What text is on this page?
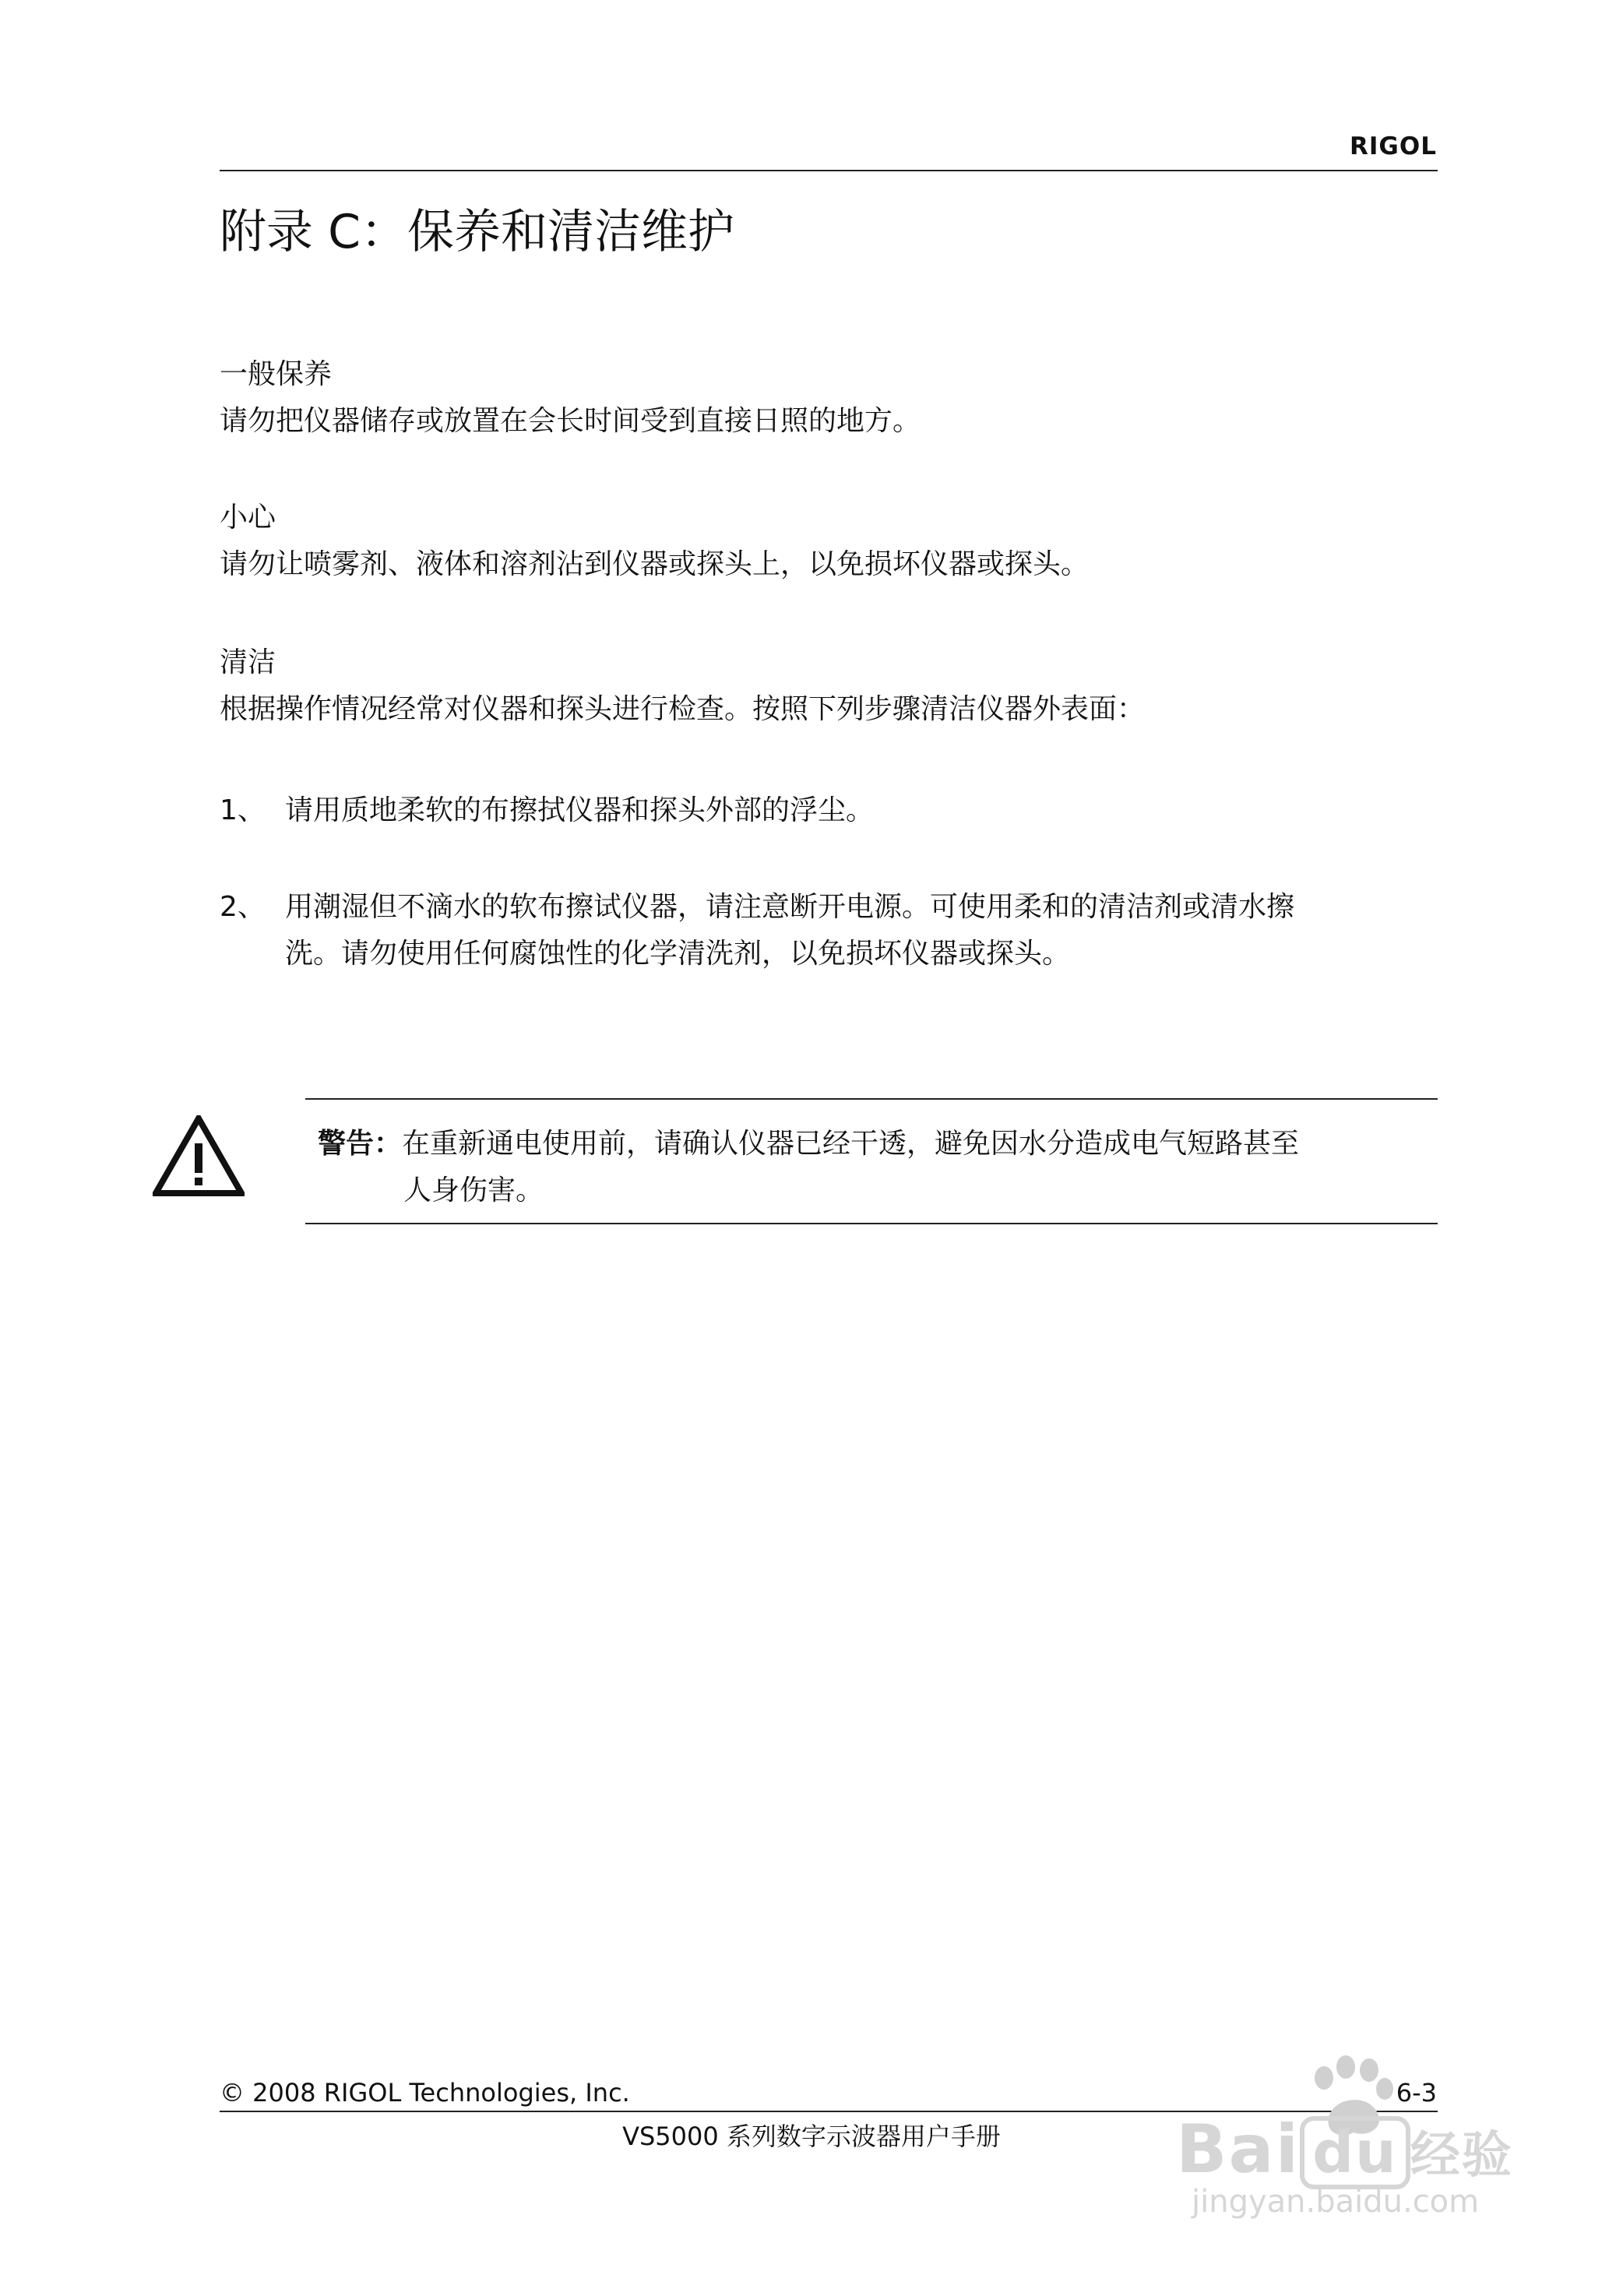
RIGOL
附录 C：保养和清洁维护
一般保养
请勿把仪器储存或放置在会长时间受到直接日照的地方。
小心
请勿让喷雾剂、液体和溶剂沾到仪器或探头上，以免损坏仪器或探头。
清洁
根据操作情况经常对仪器和探头进行检查。按照下列步骤清洁仪器外表面：
1、 请用质地柔软的布擦拭仪器和探头外部的浮尘。
2、 用潮湿但不滴水的软布擦试仪器，请注意断开电源。可使用柔和的清洁剂或清水擦
洗。请勿使用任何腐蚀性的化学清洗剂，以免损坏仪器或探头。
警告：在重新通电使用前，请确认仪器已经干透，避免因水分造成电气短路甚至
人身伤害。
© 2008 RIGOL Technologies, Inc.	6-3
VS5000 系列数字示波器用户手册	Bai du 经验
jingyan.baidu.com
